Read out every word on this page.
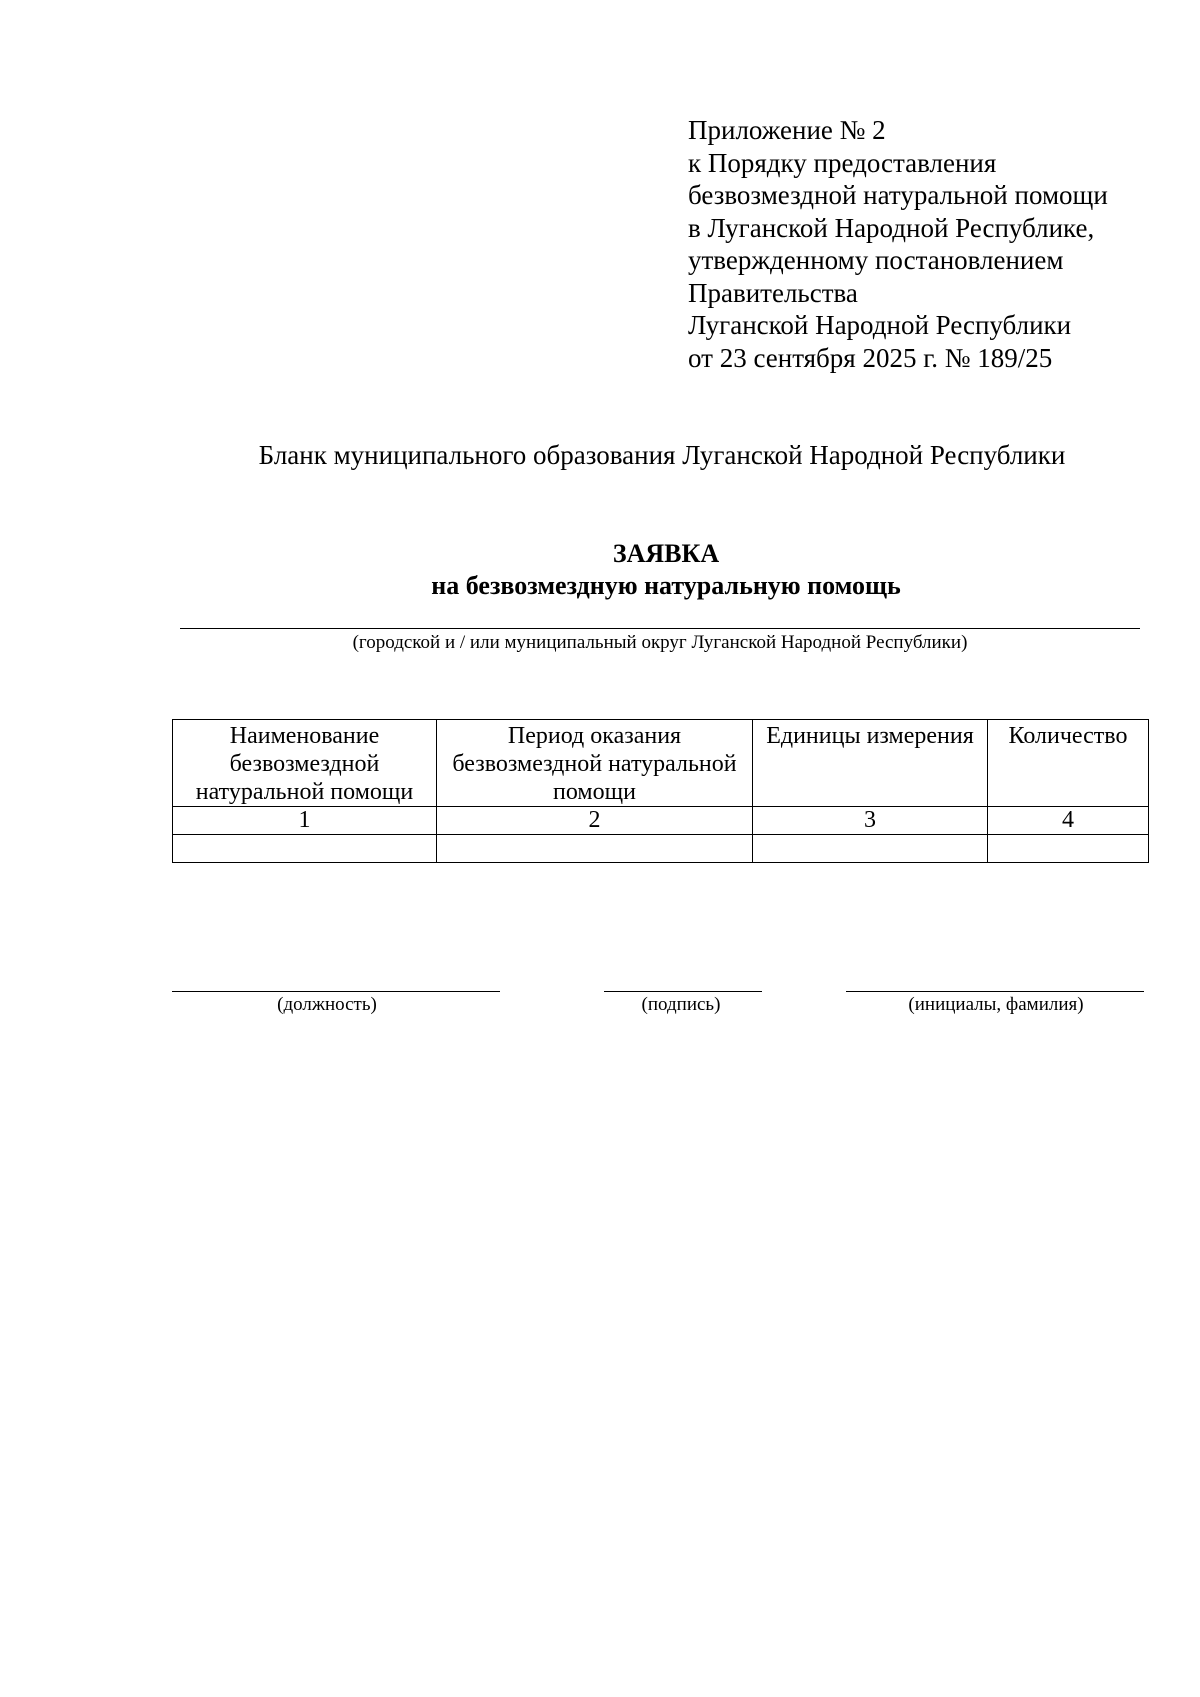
Приложение № 2
к Порядку предоставления
безвозмездной натуральной помощи
в Луганской Народной Республике,
утвержденному постановлением
Правительства
Луганской Народной Республики
от 23 сентября 2025 г. № 189/25
Бланк муниципального образования Луганской Народной Республики
ЗАЯВКА
на безвозмездную натуральную помощь
(городской и / или муниципальный округ Луганской Народной Республики)
Наименование безвозмездной натуральной помощи	Период оказания безвозмездной натуральной помощи	Единицы измерения	Количество
1	2	3	4

(должность)	(подпись)	(инициалы, фамилия)
